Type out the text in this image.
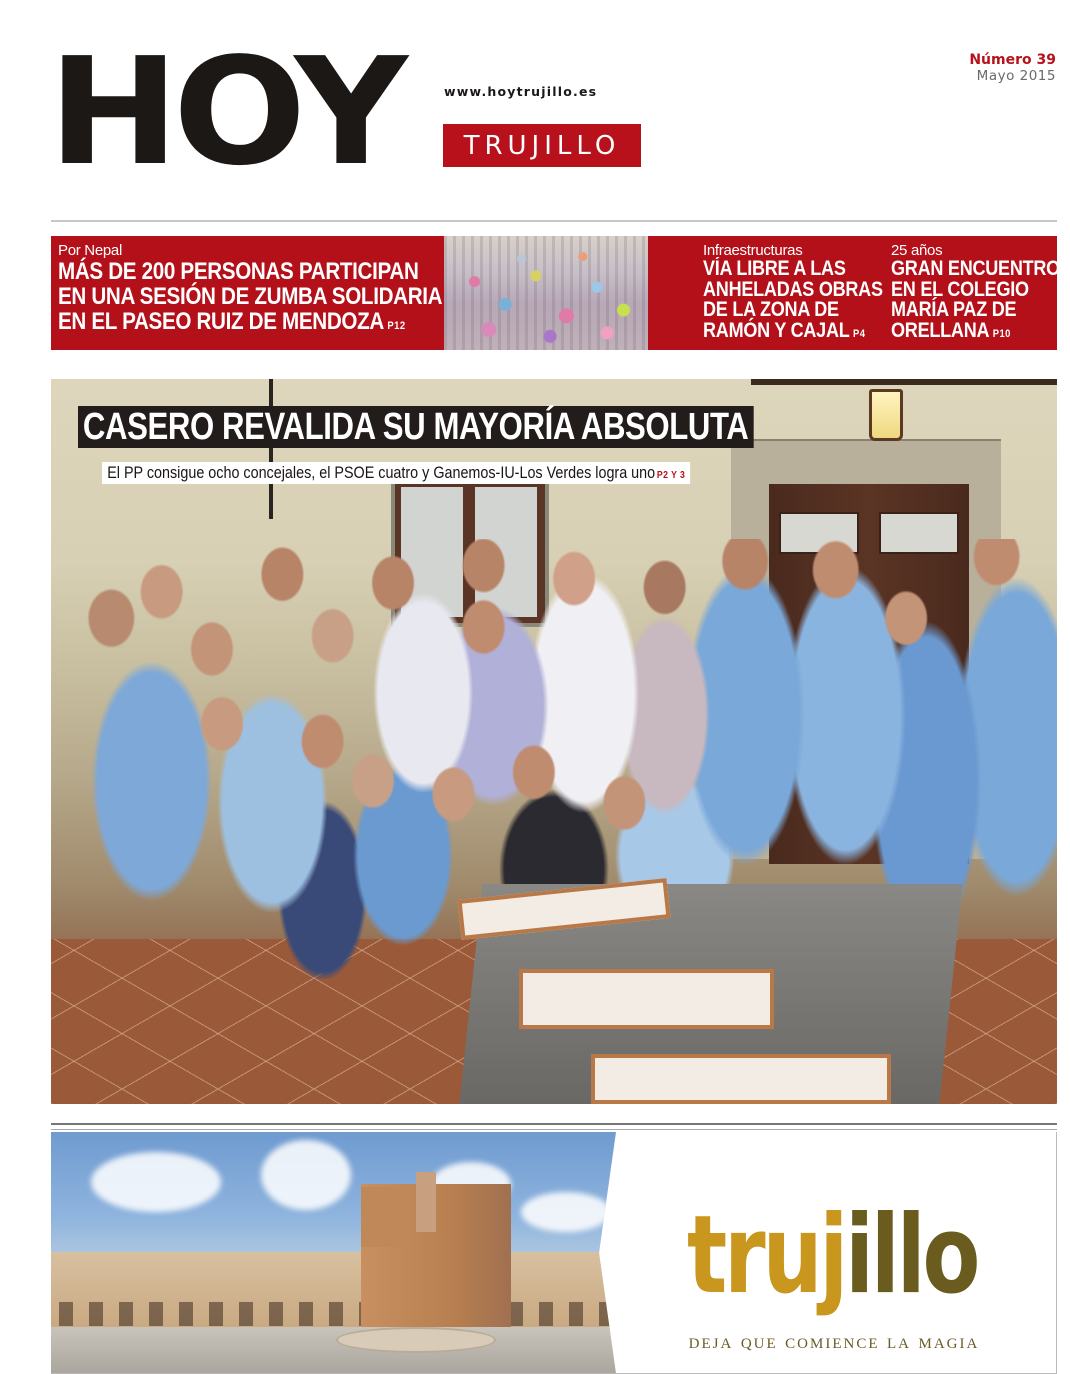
HOY	www.hoytrujillo.es
TRUJILLO
Número 39
Mayo 2015
Por Nepal
MÁS DE 200 PERSONAS PARTICIPAN
EN UNA SESIÓN DE ZUMBA SOLIDARIA
EN EL PASEO RUIZ DE MENDOZA P12
Infraestructuras
VÍA LIBRE A LAS
ANHELADAS OBRAS
DE LA ZONA DE
RAMÓN Y CAJAL P4
25 años
GRAN ENCUENTRO
EN EL COLEGIO
MARÍA PAZ DE
ORELLANA P10
CASERO REVALIDA SU MAYORÍA ABSOLUTA

El PP consigue ocho concejales, el PSOE cuatro y Ganemos-IU-Los Verdes logra uno P2 Y 3

trujillo
deja que comience la magia
